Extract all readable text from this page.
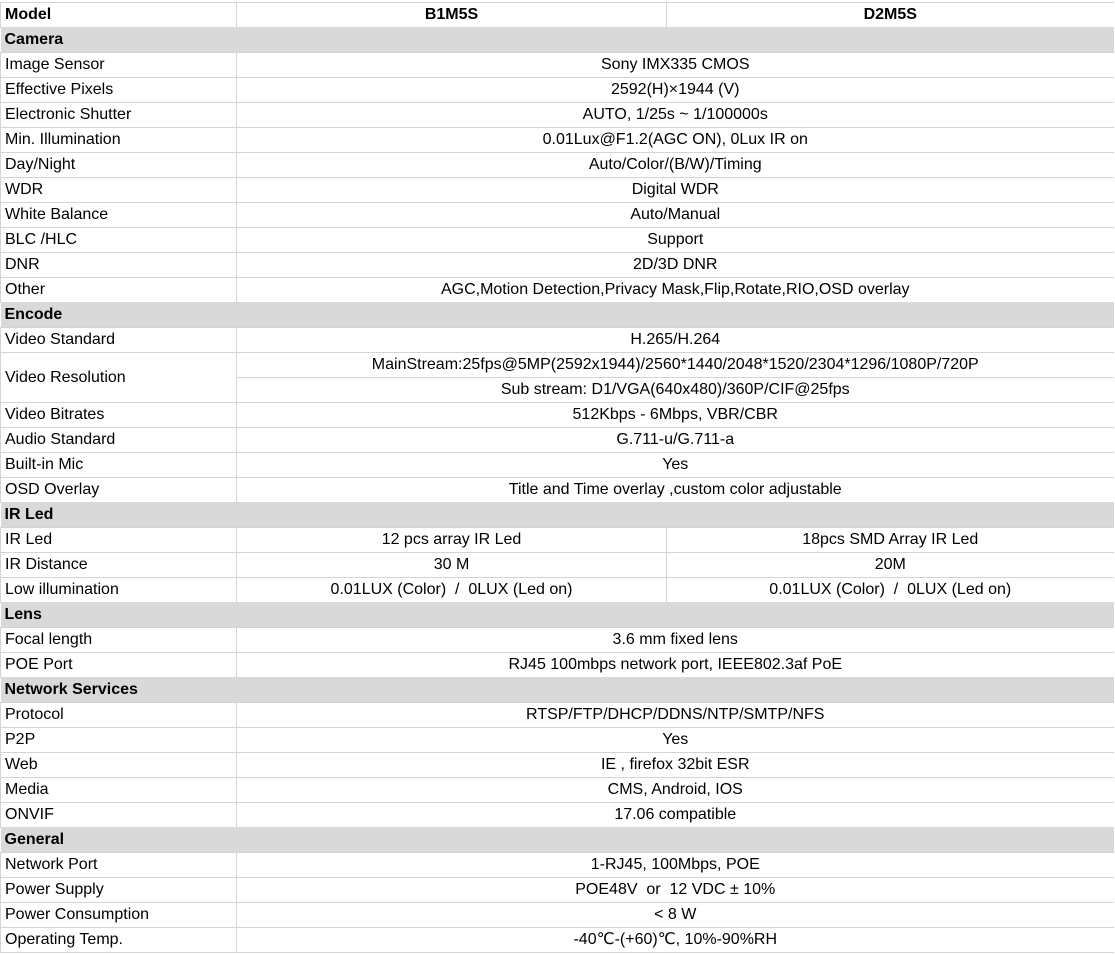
Model	B1M5S	D2M5S
Camera		
Image Sensor	Sony IMX335 CMOS	
Effective Pixels	2592(H)×1944 (V)	
Electronic Shutter	AUTO, 1/25s ~ 1/100000s	
Min. Illumination	0.01Lux@F1.2(AGC ON), 0Lux IR on	
Day/Night	Auto/Color/(B/W)/Timing	
WDR	Digital WDR	
White Balance	Auto/Manual	
BLC /HLC	Support	
DNR	2D/3D DNR	
Other	AGC,Motion Detection,Privacy Mask,Flip,Rotate,RIO,OSD overlay	
Encode		
Video Standard	H.265/H.264	
Video Resolution	MainStream:25fps@5MP(2592x1944)/2560*1440/2048*1520/2304*1296/1080P/720P	
	Sub stream: D1/VGA(640x480)/360P/CIF@25fps	
Video Bitrates	512Kbps - 6Mbps, VBR/CBR	
Audio Standard	G.711-u/G.711-a	
Built-in Mic	Yes	
OSD Overlay	Title and Time overlay ,custom color adjustable	
IR Led		
IR Led	12 pcs array IR Led	18pcs SMD Array IR Led
IR Distance	30 M	20M
Low illumination	0.01LUX (Color)  /  0LUX (Led on)	0.01LUX (Color)  /  0LUX (Led on)
Lens		
Focal length	3.6 mm fixed lens	
POE Port	RJ45 100mbps network port, IEEE802.3af PoE	
Network Services		
Protocol	RTSP/FTP/DHCP/DDNS/NTP/SMTP/NFS	
P2P	Yes	
Web	IE , firefox 32bit ESR	
Media	CMS, Android, IOS	
ONVIF	17.06 compatible	
General		
Network Port	1-RJ45, 100Mbps, POE	
Power Supply	POE48V  or  12 VDC ± 10%	
Power Consumption	< 8 W	
Operating Temp.	-40℃-(+60)℃, 10%-90%RH	
